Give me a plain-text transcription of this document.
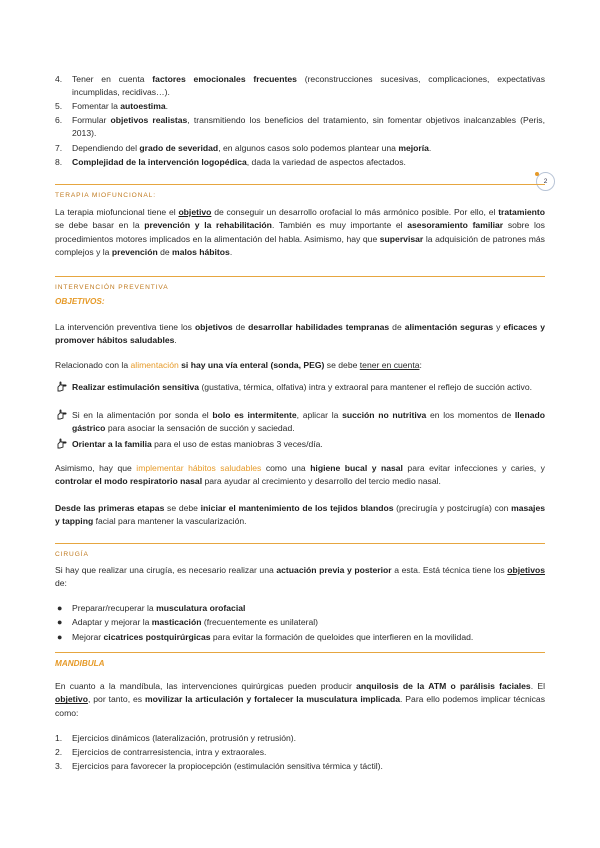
2
4.	Tener en cuenta factores emocionales frecuentes (reconstrucciones sucesivas, complicaciones, expectativas incumplidas, recidivas…).
5.	Fomentar la autoestima.
6.	Formular objetivos realistas, transmitiendo los beneficios del tratamiento, sin fomentar objetivos inalcanzables (Peris, 2013).
7.	Dependiendo del grado de severidad, en algunos casos solo podemos plantear una mejoría.
8.	Complejidad de la intervención logopédica, dada la variedad de aspectos afectados.
TERAPIA MIOFUNCIONAL:
La terapia miofuncional tiene el objetivo de conseguir un desarrollo orofacial lo más armónico posible. Por ello, el tratamiento se debe basar en la prevención y la rehabilitación. También es muy importante el asesoramiento familiar sobre los procedimientos motores implicados en la alimentación del habla. Asimismo, hay que supervisar la adquisición de patrones más complejos y la prevención de malos hábitos.
INTERVENCIÓN PREVENTIVA
OBJETIVOS:
La intervención preventiva tiene los objetivos de desarrollar habilidades tempranas de alimentación seguras y eficaces y promover hábitos saludables.
Relacionado con la alimentación si hay una vía enteral (sonda, PEG) se debe tener en cuenta:
Realizar estimulación sensitiva (gustativa, térmica, olfativa) intra y extraoral para mantener el reflejo de succión activo.
Si en la alimentación por sonda el bolo es intermitente, aplicar la succión no nutritiva en los momentos de llenado gástrico para asociar la sensación de succión y saciedad.
Orientar a la familia para el uso de estas maniobras 3 veces/día.
Asimismo, hay que implementar hábitos saludables como una higiene bucal y nasal para evitar infecciones y caries, y controlar el modo respiratorio nasal para ayudar al crecimiento y desarrollo del tercio medio nasal.
Desde las primeras etapas se debe iniciar el mantenimiento de los tejidos blandos (precirugía y postcirugía) con masajes y tapping facial para mantener la vascularización.
CIRUGÍA
Si hay que realizar una cirugía, es necesario realizar una actuación previa y posterior a esta. Está técnica tiene los objetivos de:
● Preparar/recuperar la musculatura orofacial
● Adaptar y mejorar la masticación (frecuentemente es unilateral)
● Mejorar cicatrices postquirúrgicas para evitar la formación de queloides que interfieren en la movilidad.
MANDIBULA
En cuanto a la mandíbula, las intervenciones quirúrgicas pueden producir anquilosis de la ATM o parálisis faciales. El objetivo, por tanto, es movilizar la articulación y fortalecer la musculatura implicada. Para ello podemos implicar técnicas como:
1.	Ejercicios dinámicos (lateralización, protrusión y retrusión).
2.	Ejercicios de contrarresistencia, intra y extraorales.
3.	Ejercicios para favorecer la propiocepción (estimulación sensitiva térmica y táctil).
